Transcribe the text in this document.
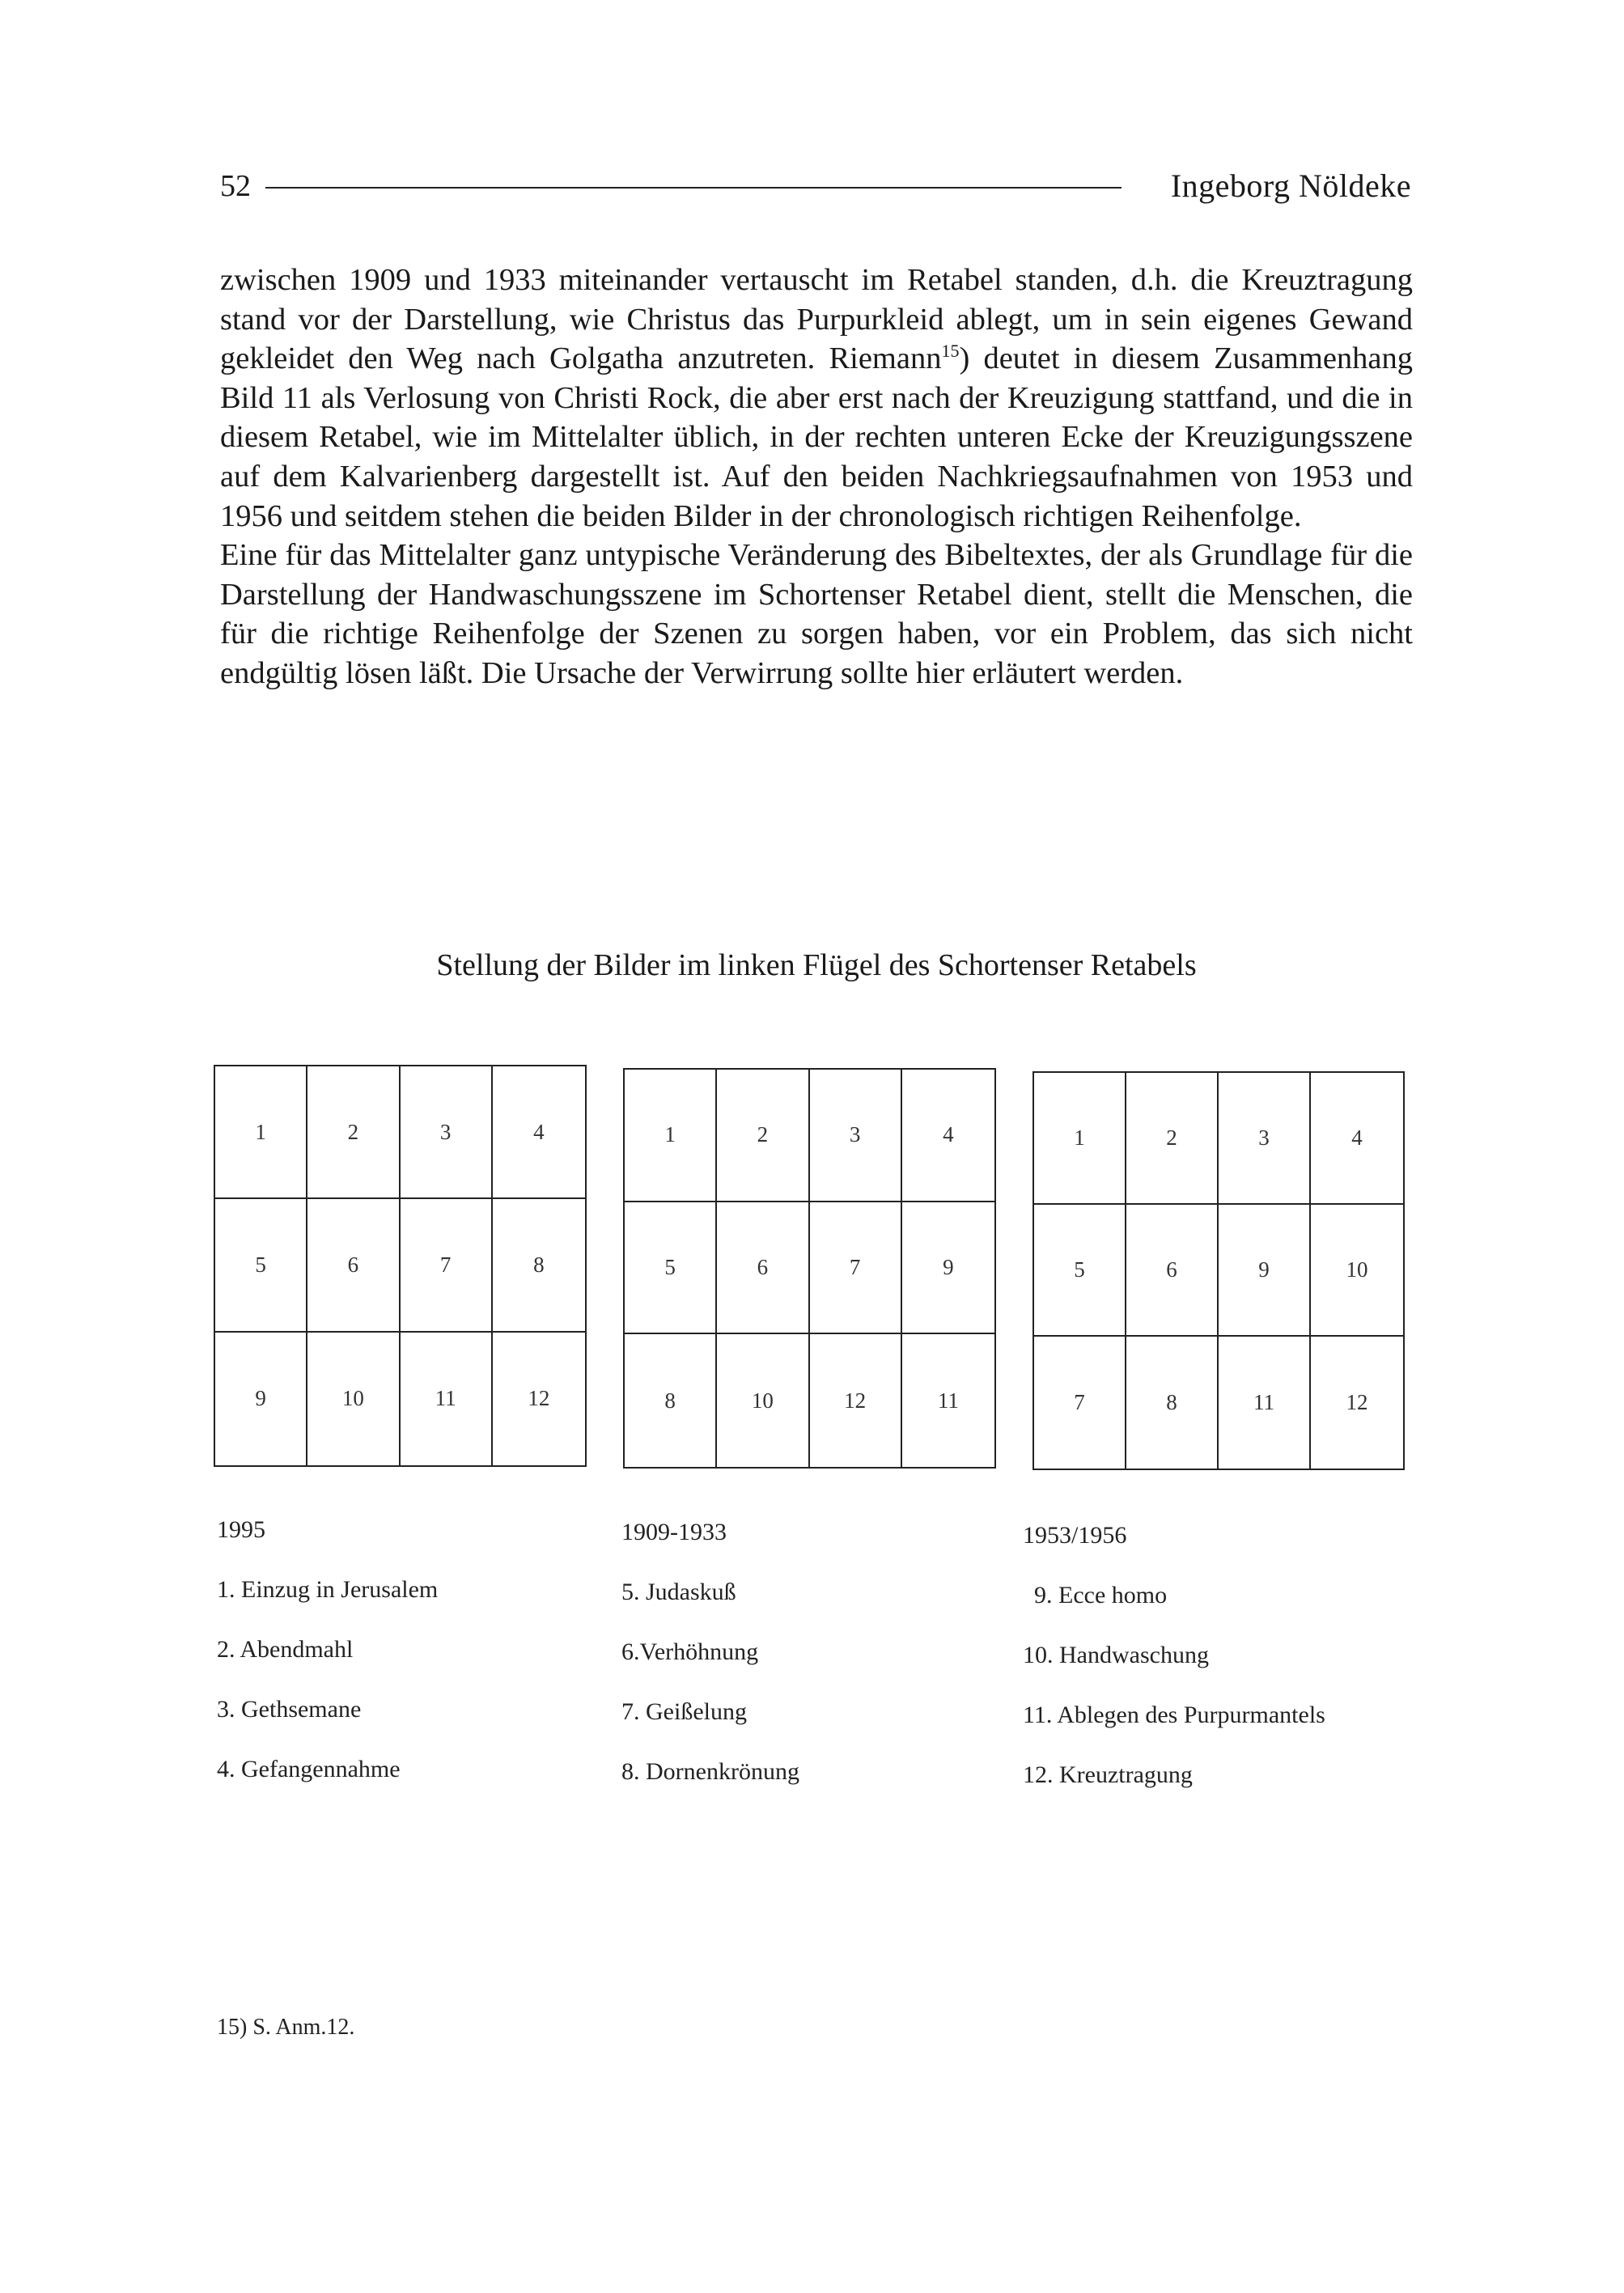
52	Ingeborg Nöldeke

zwischen 1909 und 1933 miteinander vertauscht im Retabel standen, d.h. die Kreuztragung stand vor der Darstellung, wie Christus das Purpurkleid ablegt, um in sein eigenes Gewand gekleidet den Weg nach Golgatha anzutreten. Riemann$^{15}$) deutet in diesem Zusammenhang Bild 11 als Verlosung von Christi Rock, die aber erst nach der Kreuzigung stattfand, und die in diesem Retabel, wie im Mittelalter üblich, in der rechten unteren Ecke der Kreuzigungsszene auf dem Kalvarienberg dargestellt ist. Auf den beiden Nachkriegsaufnahmen von 1953 und 1956 und seitdem stehen die beiden Bilder in der chronologisch richtigen Reihenfolge.

Eine für das Mittelalter ganz untypische Veränderung des Bibeltextes, der als Grundlage für die Darstellung der Handwaschungsszene im Schortenser Retabel dient, stellt die Menschen, die für die richtige Reihenfolge der Szenen zu sorgen haben, vor ein Problem, das sich nicht endgültig lösen läßt. Die Ursache der Verwirrung sollte hier erläutert werden.

Stellung der Bilder im linken Flügel des Schortenser Retabels
1	2	3	4
5	6	7	8
9	10	11	12
1	2	3	4
5	6	7	9
8	10	12	11
1	2	3	4
5	6	9	10
7	8	11	12
1995
1. Einzug in Jerusalem
2. Abendmahl
3. Gethsemane
4. Gefangennahme
1909-1933
5. Judaskuß
6.Verhöhnung
7. Geißelung
8. Dornenkrönung
1953/1956
9. Ecce homo
10. Handwaschung
11. Ablegen des Purpurmantels
12. Kreuztragung
15) S. Anm.12.
